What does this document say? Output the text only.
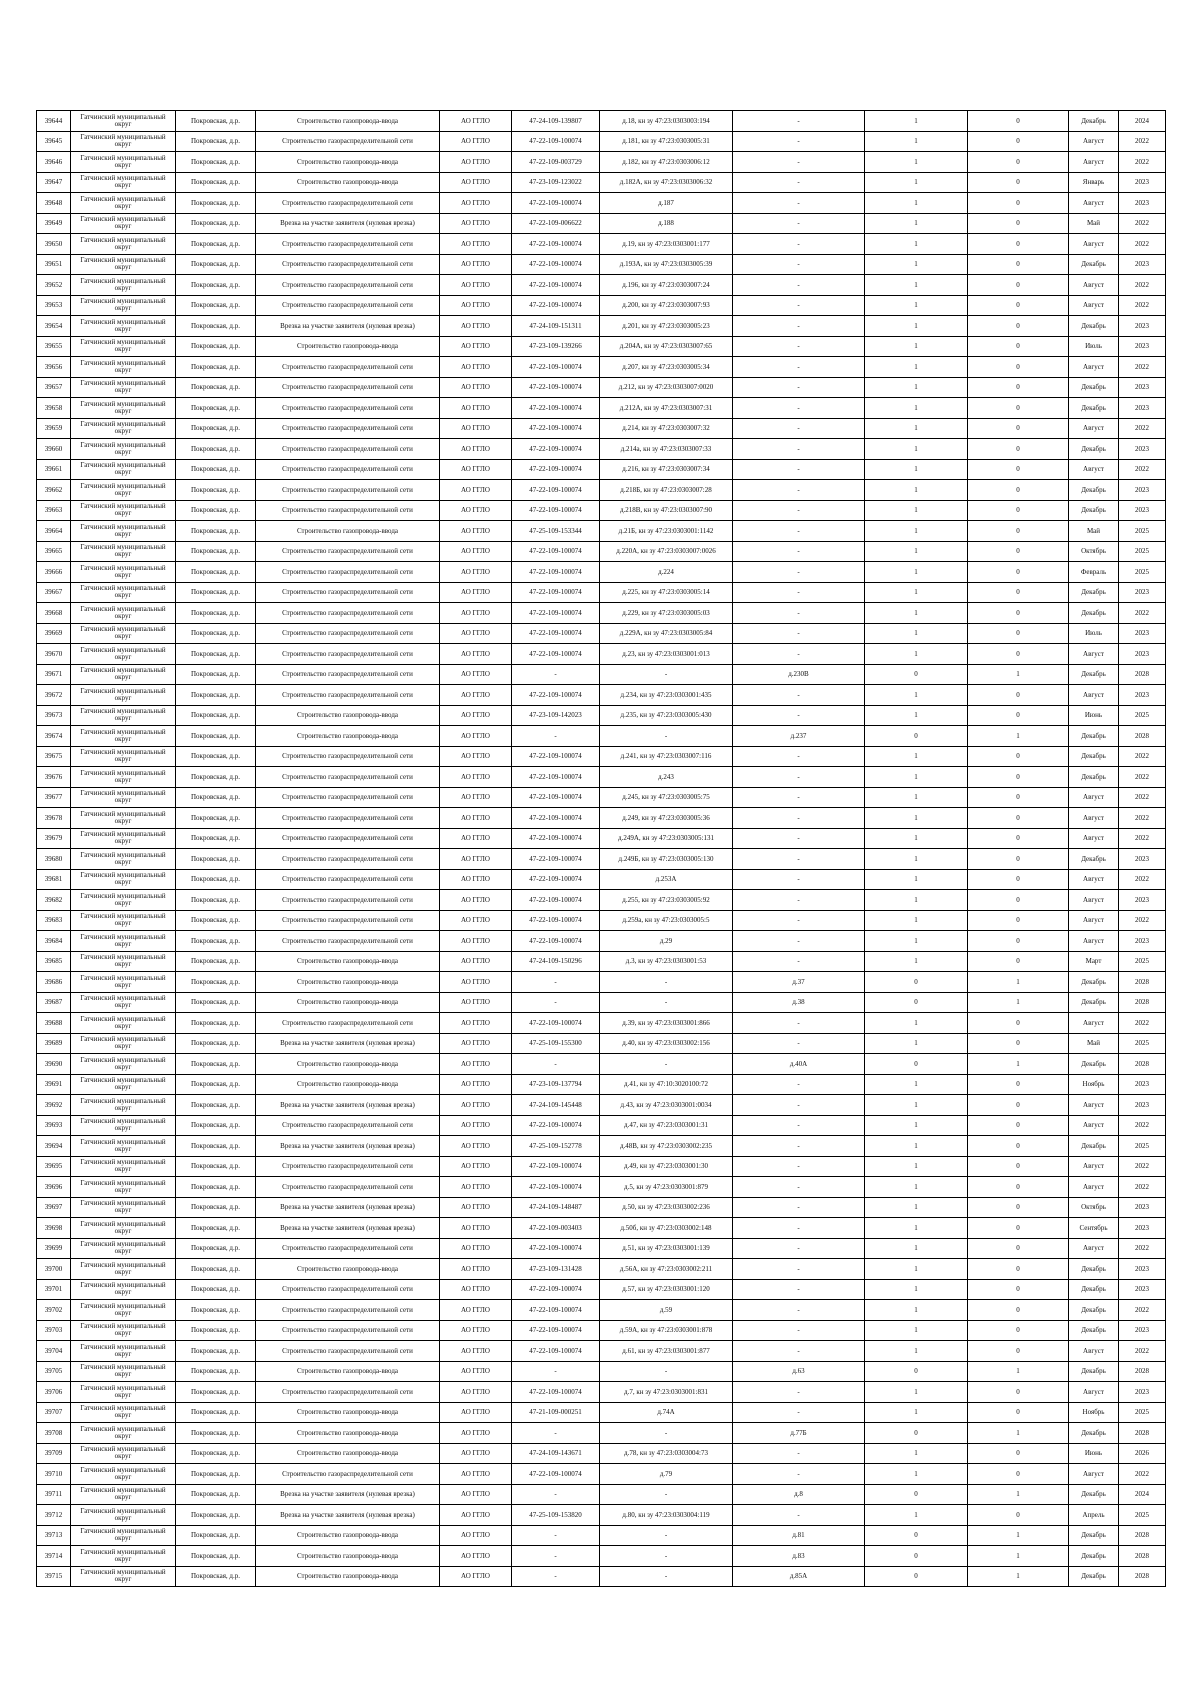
39644	Гатчинский муниципальный округ	Покровская, д.р.	Строительство газопровода-ввода	АО ГГЛО	47-24-109-139807	д.18, кн зу 47:23:0303003:194	-	1	0	Декабрь	2024
39645	Гатчинский муниципальный округ	Покровская, д.р.	Строительство газораспределительной сети	АО ГГЛО	47-22-109-100074	д.181, кн зу 47:23:0303005:31	-	1	0	Август	2022
39646	Гатчинский муниципальный округ	Покровская, д.р.	Строительство газопровода-ввода	АО ГГЛО	47-22-109-003729	д.182, кн зу 47:23:0303006:12	-	1	0	Август	2022
39647	Гатчинский муниципальный округ	Покровская, д.р.	Строительство газопровода-ввода	АО ГГЛО	47-23-109-123022	д.182А, кн зу 47:23:0303006:32	-	1	0	Январь	2023
39648	Гатчинский муниципальный округ	Покровская, д.р.	Строительство газораспределительной сети	АО ГГЛО	47-22-109-100074	д.187	-	1	0	Август	2023
39649	Гатчинский муниципальный округ	Покровская, д.р.	Врезка на участке заявителя (нулевая врезка)	АО ГГЛО	47-22-109-006622	д.188	-	1	0	Май	2022
39650	Гатчинский муниципальный округ	Покровская, д.р.	Строительство газораспределительной сети	АО ГГЛО	47-22-109-100074	д.19, кн зу 47:23:0303001:177	-	1	0	Август	2022
39651	Гатчинский муниципальный округ	Покровская, д.р.	Строительство газораспределительной сети	АО ГГЛО	47-22-109-100074	д.193А, кн зу 47:23:0303005:39	-	1	0	Декабрь	2023
39652	Гатчинский муниципальный округ	Покровская, д.р.	Строительство газораспределительной сети	АО ГГЛО	47-22-109-100074	д.196, кн зу 47:23:0303007:24	-	1	0	Август	2022
39653	Гатчинский муниципальный округ	Покровская, д.р.	Строительство газораспределительной сети	АО ГГЛО	47-22-109-100074	д.200, кн зу 47:23:0303007:93	-	1	0	Август	2022
39654	Гатчинский муниципальный округ	Покровская, д.р.	Врезка на участке заявителя (нулевая врезка)	АО ГГЛО	47-24-109-151311	д.201, кн зу 47:23:0303005:23	-	1	0	Декабрь	2023
39655	Гатчинский муниципальный округ	Покровская, д.р.	Строительство газопровода-ввода	АО ГГЛО	47-23-109-139266	д.204А, кн зу 47:23:0303007:65	-	1	0	Июль	2023
39656	Гатчинский муниципальный округ	Покровская, д.р.	Строительство газораспределительной сети	АО ГГЛО	47-22-109-100074	д.207, кн зу 47:23:0303005:34	-	1	0	Август	2022
39657	Гатчинский муниципальный округ	Покровская, д.р.	Строительство газораспределительной сети	АО ГГЛО	47-22-109-100074	д.212, кн зу 47:23:0303007:0020	-	1	0	Декабрь	2023
39658	Гатчинский муниципальный округ	Покровская, д.р.	Строительство газораспределительной сети	АО ГГЛО	47-22-109-100074	д.212А, кн зу 47:23:0303007:31	-	1	0	Декабрь	2023
39659	Гатчинский муниципальный округ	Покровская, д.р.	Строительство газораспределительной сети	АО ГГЛО	47-22-109-100074	д.214, кн зу 47:23:0303007:32	-	1	0	Август	2022
39660	Гатчинский муниципальный округ	Покровская, д.р.	Строительство газораспределительной сети	АО ГГЛО	47-22-109-100074	д.214а, кн зу 47:23:0303007:33	-	1	0	Декабрь	2023
39661	Гатчинский муниципальный округ	Покровская, д.р.	Строительство газораспределительной сети	АО ГГЛО	47-22-109-100074	д.216, кн зу 47:23:0303007:34	-	1	0	Август	2022
39662	Гатчинский муниципальный округ	Покровская, д.р.	Строительство газораспределительной сети	АО ГГЛО	47-22-109-100074	д.218Б, кн зу 47:23:0303007:28	-	1	0	Декабрь	2023
39663	Гатчинский муниципальный округ	Покровская, д.р.	Строительство газораспределительной сети	АО ГГЛО	47-22-109-100074	д.218В, кн зу 47:23:0303007:90	-	1	0	Декабрь	2023
39664	Гатчинский муниципальный округ	Покровская, д.р.	Строительство газопровода-ввода	АО ГГЛО	47-25-109-153344	д.21Б, кн зу 47:23:0303001:1142	-	1	0	Май	2025
39665	Гатчинский муниципальный округ	Покровская, д.р.	Строительство газораспределительной сети	АО ГГЛО	47-22-109-100074	д.220А, кн зу 47:23:0303007:0026	-	1	0	Октябрь	2025
39666	Гатчинский муниципальный округ	Покровская, д.р.	Строительство газораспределительной сети	АО ГГЛО	47-22-109-100074	д.224	-	1	0	Февраль	2025
39667	Гатчинский муниципальный округ	Покровская, д.р.	Строительство газораспределительной сети	АО ГГЛО	47-22-109-100074	д.225, кн зу 47:23:0303005:14	-	1	0	Декабрь	2023
39668	Гатчинский муниципальный округ	Покровская, д.р.	Строительство газораспределительной сети	АО ГГЛО	47-22-109-100074	д.229, кн зу 47:23:0303005:03	-	1	0	Декабрь	2022
39669	Гатчинский муниципальный округ	Покровская, д.р.	Строительство газораспределительной сети	АО ГГЛО	47-22-109-100074	д.229А, кн зу 47:23:0303005:84	-	1	0	Июль	2023
39670	Гатчинский муниципальный округ	Покровская, д.р.	Строительство газораспределительной сети	АО ГГЛО	47-22-109-100074	д.23, кн зу 47:23:0303001:013	-	1	0	Август	2023
39671	Гатчинский муниципальный округ	Покровская, д.р.	Строительство газораспределительной сети	АО ГГЛО	-	-	д.230В	0	1	Декабрь	2028
39672	Гатчинский муниципальный округ	Покровская, д.р.	Строительство газораспределительной сети	АО ГГЛО	47-22-109-100074	д.234, кн зу 47:23:0303001:435	-	1	0	Август	2023
39673	Гатчинский муниципальный округ	Покровская, д.р.	Строительство газопровода-ввода	АО ГГЛО	47-23-109-142023	д.235, кн зу 47:23:0303005:430	-	1	0	Июнь	2025
39674	Гатчинский муниципальный округ	Покровская, д.р.	Строительство газопровода-ввода	АО ГГЛО	-	-	д.237	0	1	Декабрь	2028
39675	Гатчинский муниципальный округ	Покровская, д.р.	Строительство газораспределительной сети	АО ГГЛО	47-22-109-100074	д.241, кн зу 47:23:0303007:116	-	1	0	Декабрь	2022
39676	Гатчинский муниципальный округ	Покровская, д.р.	Строительство газораспределительной сети	АО ГГЛО	47-22-109-100074	д.243	-	1	0	Декабрь	2022
39677	Гатчинский муниципальный округ	Покровская, д.р.	Строительство газораспределительной сети	АО ГГЛО	47-22-109-100074	д.245, кн зу 47:23:0303005:75	-	1	0	Август	2022
39678	Гатчинский муниципальный округ	Покровская, д.р.	Строительство газораспределительной сети	АО ГГЛО	47-22-109-100074	д.249, кн зу 47:23:0303005:36	-	1	0	Август	2022
39679	Гатчинский муниципальный округ	Покровская, д.р.	Строительство газораспределительной сети	АО ГГЛО	47-22-109-100074	д.249А, кн зу 47:23:0303005:131	-	1	0	Август	2022
39680	Гатчинский муниципальный округ	Покровская, д.р.	Строительство газораспределительной сети	АО ГГЛО	47-22-109-100074	д.249Б, кн зу 47:23:0303005:130	-	1	0	Декабрь	2023
39681	Гатчинский муниципальный округ	Покровская, д.р.	Строительство газораспределительной сети	АО ГГЛО	47-22-109-100074	д.253А	-	1	0	Август	2022
39682	Гатчинский муниципальный округ	Покровская, д.р.	Строительство газораспределительной сети	АО ГГЛО	47-22-109-100074	д.255, кн зу 47:23:0303005:92	-	1	0	Август	2023
39683	Гатчинский муниципальный округ	Покровская, д.р.	Строительство газораспределительной сети	АО ГГЛО	47-22-109-100074	д.259а, кн зу 47:23:0303005:5	-	1	0	Август	2022
39684	Гатчинский муниципальный округ	Покровская, д.р.	Строительство газораспределительной сети	АО ГГЛО	47-22-109-100074	д.29	-	1	0	Август	2023
39685	Гатчинский муниципальный округ	Покровская, д.р.	Строительство газопровода-ввода	АО ГГЛО	47-24-109-150296	д.3, кн зу 47:23:0303001:53	-	1	0	Март	2025
39686	Гатчинский муниципальный округ	Покровская, д.р.	Строительство газопровода-ввода	АО ГГЛО	-	-	д.37	0	1	Декабрь	2028
39687	Гатчинский муниципальный округ	Покровская, д.р.	Строительство газопровода-ввода	АО ГГЛО	-	-	д.38	0	1	Декабрь	2028
39688	Гатчинский муниципальный округ	Покровская, д.р.	Строительство газораспределительной сети	АО ГГЛО	47-22-109-100074	д.39, кн зу 47:23:0303001:866	-	1	0	Август	2022
39689	Гатчинский муниципальный округ	Покровская, д.р.	Врезка на участке заявителя (нулевая врезка)	АО ГГЛО	47-25-109-155300	д.40, кн зу 47:23:0303002:156	-	1	0	Май	2025
39690	Гатчинский муниципальный округ	Покровская, д.р.	Строительство газопровода-ввода	АО ГГЛО	-	-	д.40А	0	1	Декабрь	2028
39691	Гатчинский муниципальный округ	Покровская, д.р.	Строительство газопровода-ввода	АО ГГЛО	47-23-109-137794	д.41, кн зу 47:10:3020100:72	-	1	0	Ноябрь	2023
39692	Гатчинский муниципальный округ	Покровская, д.р.	Врезка на участке заявителя (нулевая врезка)	АО ГГЛО	47-24-109-145448	д.43, кн зу 47:23:0303001:0034	-	1	0	Август	2023
39693	Гатчинский муниципальный округ	Покровская, д.р.	Строительство газораспределительной сети	АО ГГЛО	47-22-109-100074	д.47, кн зу 47:23:0303001:31	-	1	0	Август	2022
39694	Гатчинский муниципальный округ	Покровская, д.р.	Врезка на участке заявителя (нулевая врезка)	АО ГГЛО	47-25-109-152778	д.48В, кн зу 47:23:0303002:235	-	1	0	Декабрь	2025
39695	Гатчинский муниципальный округ	Покровская, д.р.	Строительство газораспределительной сети	АО ГГЛО	47-22-109-100074	д.49, кн зу 47:23:0303001:30	-	1	0	Август	2022
39696	Гатчинский муниципальный округ	Покровская, д.р.	Строительство газораспределительной сети	АО ГГЛО	47-22-109-100074	д.5, кн зу 47:23:0303001:879	-	1	0	Август	2022
39697	Гатчинский муниципальный округ	Покровская, д.р.	Врезка на участке заявителя (нулевая врезка)	АО ГГЛО	47-24-109-148487	д.50, кн зу 47:23:0303002:236	-	1	0	Октябрь	2023
39698	Гатчинский муниципальный округ	Покровская, д.р.	Врезка на участке заявителя (нулевая врезка)	АО ГГЛО	47-22-109-003403	д.50б, кн зу 47:23:0303002:148	-	1	0	Сентябрь	2023
39699	Гатчинский муниципальный округ	Покровская, д.р.	Строительство газораспределительной сети	АО ГГЛО	47-22-109-100074	д.51, кн зу 47:23:0303001:139	-	1	0	Август	2022
39700	Гатчинский муниципальный округ	Покровская, д.р.	Строительство газопровода-ввода	АО ГГЛО	47-23-109-131428	д.56А, кн зу 47:23:0303002:211	-	1	0	Декабрь	2023
39701	Гатчинский муниципальный округ	Покровская, д.р.	Строительство газораспределительной сети	АО ГГЛО	47-22-109-100074	д.57, кн зу 47:23:0303001:120	-	1	0	Декабрь	2023
39702	Гатчинский муниципальный округ	Покровская, д.р.	Строительство газораспределительной сети	АО ГГЛО	47-22-109-100074	д.59	-	1	0	Декабрь	2022
39703	Гатчинский муниципальный округ	Покровская, д.р.	Строительство газораспределительной сети	АО ГГЛО	47-22-109-100074	д.59А, кн зу 47:23:0303001:878	-	1	0	Декабрь	2023
39704	Гатчинский муниципальный округ	Покровская, д.р.	Строительство газораспределительной сети	АО ГГЛО	47-22-109-100074	д.61, кн зу 47:23:0303001:877	-	1	0	Август	2022
39705	Гатчинский муниципальный округ	Покровская, д.р.	Строительство газопровода-ввода	АО ГГЛО	-	-	д.63	0	1	Декабрь	2028
39706	Гатчинский муниципальный округ	Покровская, д.р.	Строительство газораспределительной сети	АО ГГЛО	47-22-109-100074	д.7, кн зу 47:23:0303001:831	-	1	0	Август	2023
39707	Гатчинский муниципальный округ	Покровская, д.р.	Строительство газопровода-ввода	АО ГГЛО	47-21-109-000251	д.74А	-	1	0	Ноябрь	2025
39708	Гатчинский муниципальный округ	Покровская, д.р.	Строительство газопровода-ввода	АО ГГЛО	-	-	д.77Б	0	1	Декабрь	2028
39709	Гатчинский муниципальный округ	Покровская, д.р.	Строительство газопровода-ввода	АО ГГЛО	47-24-109-143671	д.78, кн зу 47:23:0303004:73	-	1	0	Июнь	2026
39710	Гатчинский муниципальный округ	Покровская, д.р.	Строительство газораспределительной сети	АО ГГЛО	47-22-109-100074	д.79	-	1	0	Август	2022
39711	Гатчинский муниципальный округ	Покровская, д.р.	Врезка на участке заявителя (нулевая врезка)	АО ГГЛО	-	-	д.8	0	1	Декабрь	2024
39712	Гатчинский муниципальный округ	Покровская, д.р.	Врезка на участке заявителя (нулевая врезка)	АО ГГЛО	47-25-109-153820	д.80, кн зу 47:23:0303004:119	-	1	0	Апрель	2025
39713	Гатчинский муниципальный округ	Покровская, д.р.	Строительство газопровода-ввода	АО ГГЛО	-	-	д.81	0	1	Декабрь	2028
39714	Гатчинский муниципальный округ	Покровская, д.р.	Строительство газопровода-ввода	АО ГГЛО	-	-	д.83	0	1	Декабрь	2028
39715	Гатчинский муниципальный округ	Покровская, д.р.	Строительство газопровода-ввода	АО ГГЛО	-	-	д.85А	0	1	Декабрь	2028
